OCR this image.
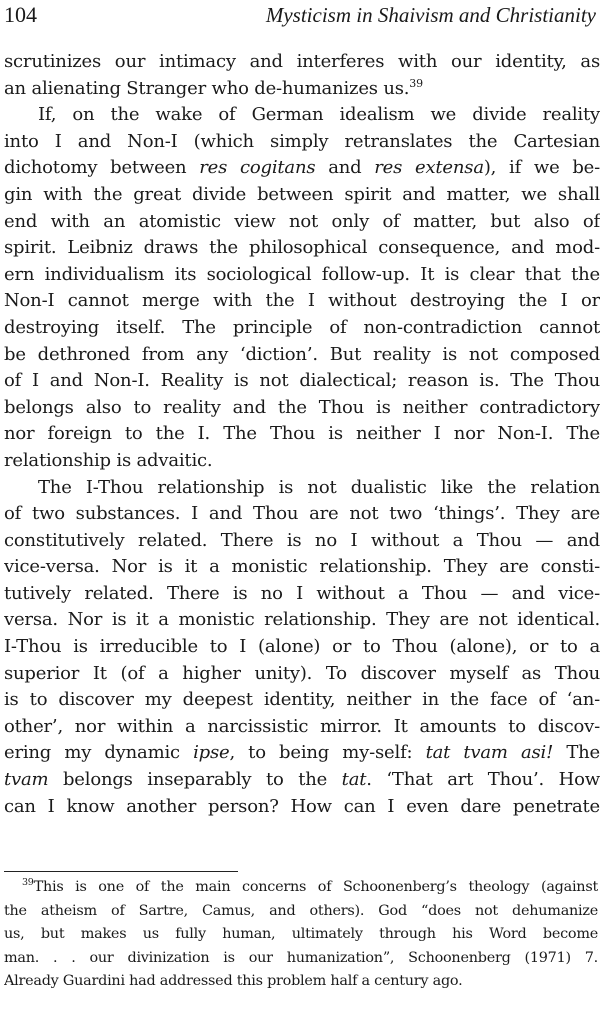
104	Mysticism in Shaivism and Christianity
scrutinizes our intimacy and interferes with our identity, as
an alienating Stranger who de-humanizes us.$^{39}$
If, on the wake of German idealism we divide reality
into I and Non-I (which simply retranslates the Cartesian
dichotomy between res cogitans and res extensa), if we be-
gin with the great divide between spirit and matter, we shall
end with an atomistic view not only of matter, but also of
spirit. Leibniz draws the philosophical consequence, and mod-
ern individualism its sociological follow-up. It is clear that the
Non-I cannot merge with the I without destroying the I or
destroying itself. The principle of non-contradiction cannot
be dethroned from any ‘diction’. But reality is not composed
of I and Non-I. Reality is not dialectical; reason is. The Thou
belongs also to reality and the Thou is neither contradictory
nor foreign to the I. The Thou is neither I nor Non-I. The
relationship is advaitic.
The I-Thou relationship is not dualistic like the relation
of two substances. I and Thou are not two ‘things’. They are
constitutively related. There is no I without a Thou — and
vice-versa. Nor is it a monistic relationship. They are consti-
tutively related. There is no I without a Thou — and vice-
versa. Nor is it a monistic relationship. They are not identical.
I-Thou is irreducible to I (alone) or to Thou (alone), or to a
superior It (of a higher unity). To discover myself as Thou
is to discover my deepest identity, neither in the face of ‘an-
other’, nor within a narcissistic mirror. It amounts to discov-
ering my dynamic ipse, to being my-self: tat tvam asi! The
tvam belongs inseparably to the tat. ‘That art Thou’. How
can I know another person? How can I even dare penetrate
$^{39}$This is one of the main concerns of Schoonenberg’s theology (against
the atheism of Sartre, Camus, and others). God “does not dehumanize
us, but makes us fully human, ultimately through his Word become
man. . . our divinization is our humanization”, Schoonenberg (1971) 7.
Already Guardini had addressed this problem half a century ago.
